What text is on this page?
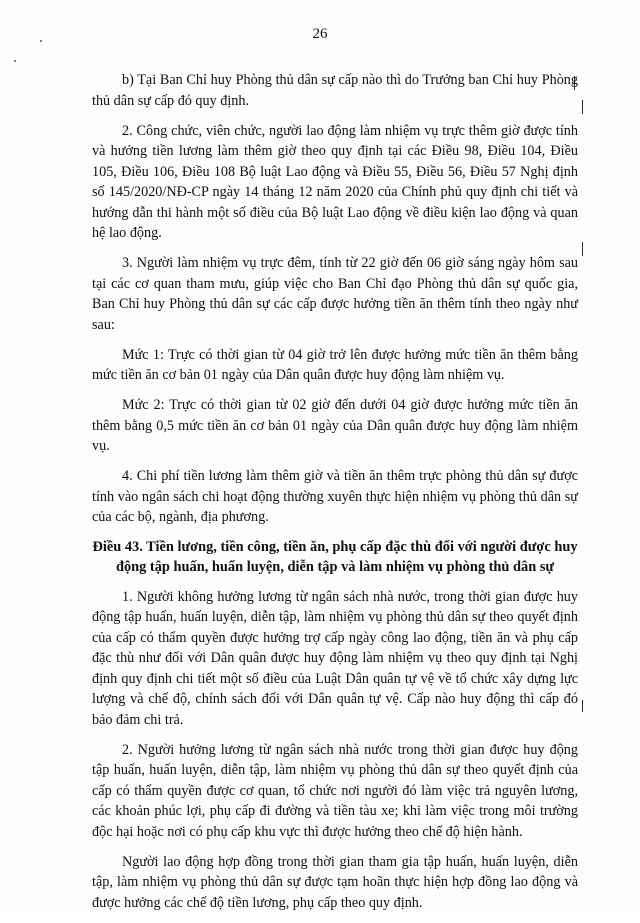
26

b) Tại Ban Chỉ huy Phòng thủ dân sự cấp nào thì do Trưởng ban Chỉ huy Phòng thủ dân sự cấp đó quy định.

2. Công chức, viên chức, người lao động làm nhiệm vụ trực thêm giờ được tính và hưởng tiền lương làm thêm giờ theo quy định tại các Điều 98, Điều 104, Điều 105, Điều 106, Điều 108 Bộ luật Lao động và Điều 55, Điều 56, Điều 57 Nghị định số 145/2020/NĐ-CP ngày 14 tháng 12 năm 2020 của Chính phủ quy định chi tiết và hướng dẫn thi hành một số điều của Bộ luật Lao động về điều kiện lao động và quan hệ lao động.

3. Người làm nhiệm vụ trực đêm, tính từ 22 giờ đến 06 giờ sáng ngày hôm sau tại các cơ quan tham mưu, giúp việc cho Ban Chỉ đạo Phòng thủ dân sự quốc gia, Ban Chỉ huy Phòng thủ dân sự các cấp được hưởng tiền ăn thêm tính theo ngày như sau:

Mức 1: Trực có thời gian từ 04 giờ trở lên được hưởng mức tiền ăn thêm bằng mức tiền ăn cơ bản 01 ngày của Dân quân được huy động làm nhiệm vụ.

Mức 2: Trực có thời gian từ 02 giờ đến dưới 04 giờ được hưởng mức tiền ăn thêm bằng 0,5 mức tiền ăn cơ bản 01 ngày của Dân quân được huy động làm nhiệm vụ.

4. Chi phí tiền lương làm thêm giờ và tiền ăn thêm trực phòng thủ dân sự được tính vào ngân sách chi hoạt động thường xuyên thực hiện nhiệm vụ phòng thủ dân sự của các bộ, ngành, địa phương.

Điều 43. Tiền lương, tiền công, tiền ăn, phụ cấp đặc thù đối với người được huy động tập huấn, huấn luyện, diễn tập và làm nhiệm vụ phòng thủ dân sự

1. Người không hưởng lương từ ngân sách nhà nước, trong thời gian được huy động tập huấn, huấn luyện, diễn tập, làm nhiệm vụ phòng thủ dân sự theo quyết định của cấp có thẩm quyền được hưởng trợ cấp ngày công lao động, tiền ăn và phụ cấp đặc thù như đối với Dân quân được huy động làm nhiệm vụ theo quy định tại Nghị định quy định chi tiết một số điều của Luật Dân quân tự vệ về tổ chức xây dựng lực lượng và chế độ, chính sách đối với Dân quân tự vệ. Cấp nào huy động thì cấp đó bảo đảm chi trả.

2. Người hưởng lương từ ngân sách nhà nước trong thời gian được huy động tập huấn, huấn luyện, diễn tập, làm nhiệm vụ phòng thủ dân sự theo quyết định của cấp có thẩm quyền được cơ quan, tổ chức nơi người đó làm việc trả nguyên lương, các khoản phúc lợi, phụ cấp đi đường và tiền tàu xe; khi làm việc trong môi trường độc hại hoặc nơi có phụ cấp khu vực thì được hưởng theo chế độ hiện hành.

Người lao động hợp đồng trong thời gian tham gia tập huấn, huấn luyện, diễn tập, làm nhiệm vụ phòng thủ dân sự được tạm hoãn thực hiện hợp đồng lao động và được hưởng các chế độ tiền lương, phụ cấp theo quy định.
